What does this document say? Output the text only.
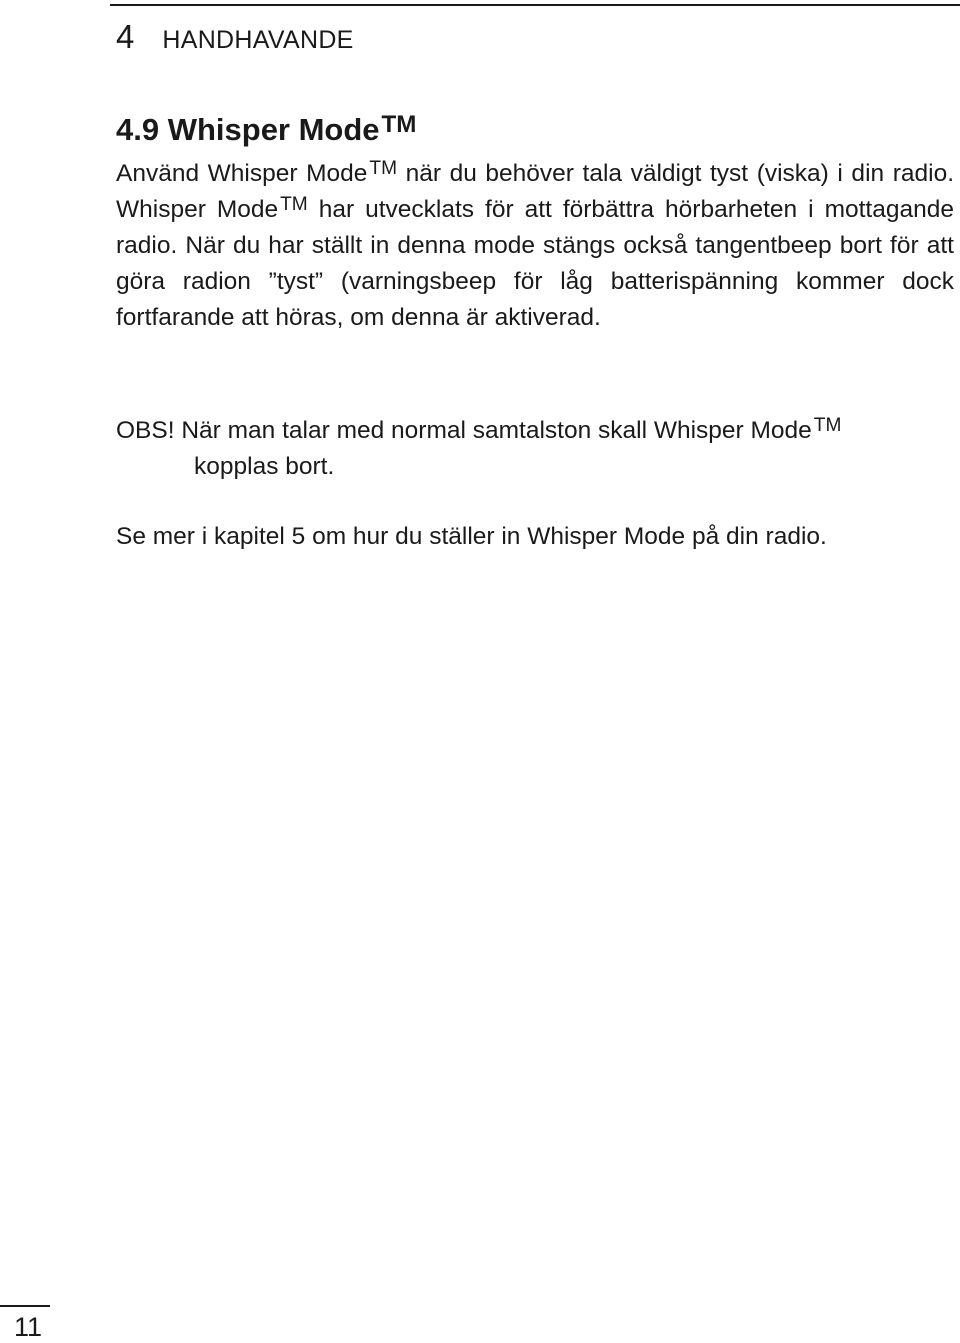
4 HANDHAVANDE
4.9 Whisper Mode™

Använd Whisper Mode ™ när du behöver tala väldigt tyst (viska) i din radio. Whisper Mode ™ har utvecklats för att förbättra hörbarheten i mottagande radio. När du har ställt in denna mode stängs också tangentbeep bort för att göra radion ”tyst” (varningsbeep för låg batterispänning kommer dock fortfarande att höras, om denna är aktiverad.

OBS! När man talar med normal samtalston skall Whisper Mode ™
kopplas bort.

Se mer i kapitel 5 om hur du ställer in Whisper Mode på din radio.

11
